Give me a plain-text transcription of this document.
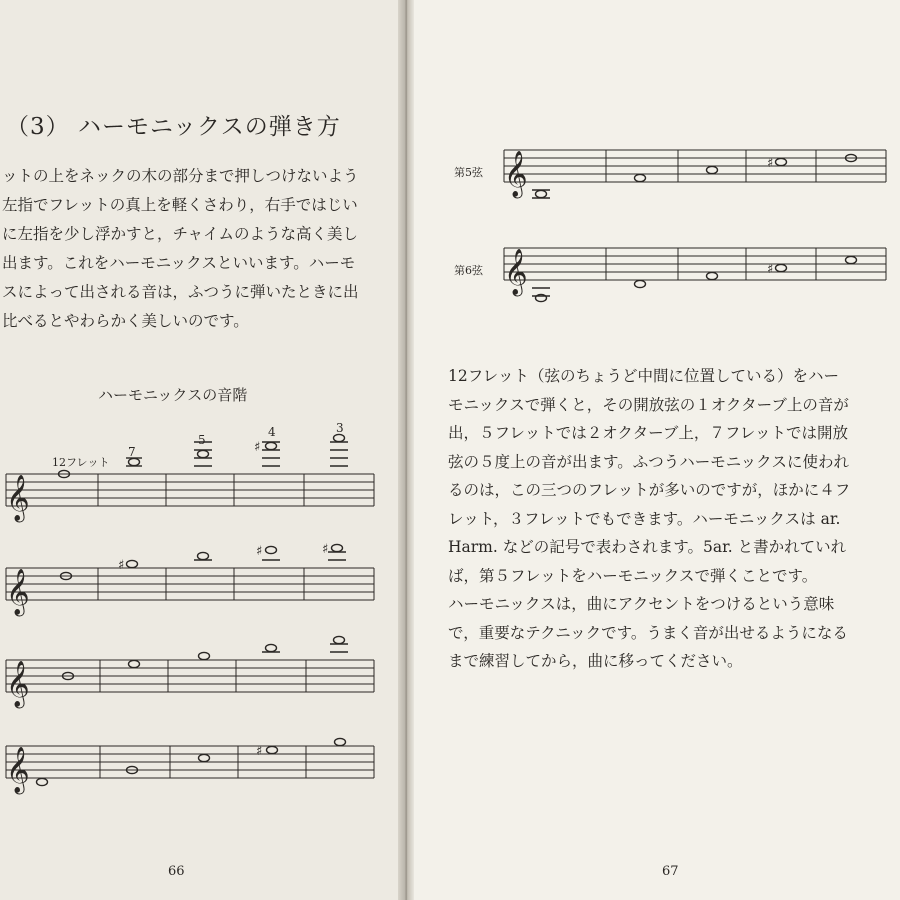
（3） ハーモニックスの弾き方
ットの上をネックの木の部分まで押しつけないよう
左指でフレットの真上を軽くさわり，右手ではじい
に左指を少し浮かすと，チャイムのような高く美し
出ます。これをハーモニックスといいます。ハーモ
スによって出される音は，ふつうに弾いたときに出
比べるとやわらかく美しいのです。
ハーモニックスの音階
𝄞
12フレット
7
5
4	3
♯
𝄞
♯
♯	♯
𝄞
𝄞	♯
66
第5弦
第6弦
𝄞	♯
𝄞	♯
12フレット（弦のちょうど中間に位置している）をハー
モニックスで弾くと，その開放弦の１オクターブ上の音が
出，５フレットでは２オクターブ上，７フレットでは開放
弦の５度上の音が出ます。ふつうハーモニックスに使われ
るのは，この三つのフレットが多いのですが，ほかに４フ
レット，３フレットでもできます。ハーモニックスは ar.
Harm. などの記号で表わされます。5ar. と書かれていれ
ば，第５フレットをハーモニックスで弾くことです。
ハーモニックスは，曲にアクセントをつけるという意味
で，重要なテクニックです。うまく音が出せるようになる
まで練習してから，曲に移ってください。
67
